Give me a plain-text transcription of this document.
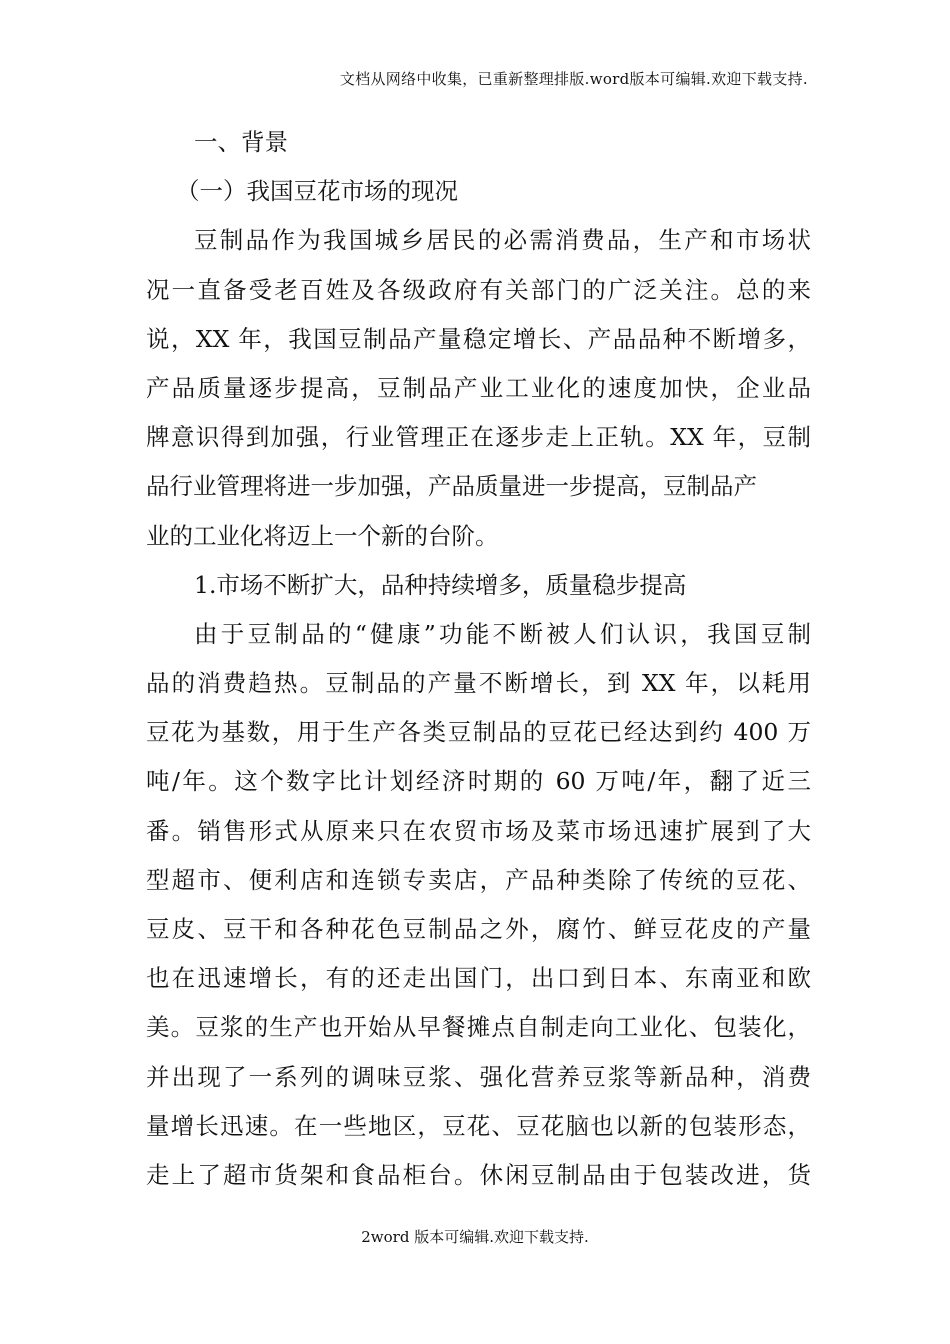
文档从网络中收集，已重新整理排版.word版本可编辑.欢迎下载支持.
一、背景
（一）我国豆花市场的现况
豆制品作为我国城乡居民的必需消费品，生产和市场状
况一直备受老百姓及各级政府有关部门的广泛关注。总的来
说，XX 年，我国豆制品产量稳定增长、产品品种不断增多，
产品质量逐步提高，豆制品产业工业化的速度加快，企业品
牌意识得到加强，行业管理正在逐步走上正轨。XX 年，豆制
品行业管理将进一步加强，产品质量进一步提高，豆制品产
业的工业化将迈上一个新的台阶。
1.市场不断扩大，品种持续增多，质量稳步提高
由于豆制品的“健康”功能不断被人们认识，我国豆制
品的消费趋热。豆制品的产量不断增长，到 XX 年，以耗用
豆花为基数，用于生产各类豆制品的豆花已经达到约 400 万
吨/年。这个数字比计划经济时期的 60 万吨/年，翻了近三
番。销售形式从原来只在农贸市场及菜市场迅速扩展到了大
型超市、便利店和连锁专卖店，产品种类除了传统的豆花、
豆皮、豆干和各种花色豆制品之外，腐竹、鲜豆花皮的产量
也在迅速增长，有的还走出国门，出口到日本、东南亚和欧
美。豆浆的生产也开始从早餐摊点自制走向工业化、包装化，
并出现了一系列的调味豆浆、强化营养豆浆等新品种，消费
量增长迅速。在一些地区，豆花、豆花脑也以新的包装形态，
走上了超市货架和食品柜台。休闲豆制品由于包装改进，货
2word 版本可编辑.欢迎下载支持.
